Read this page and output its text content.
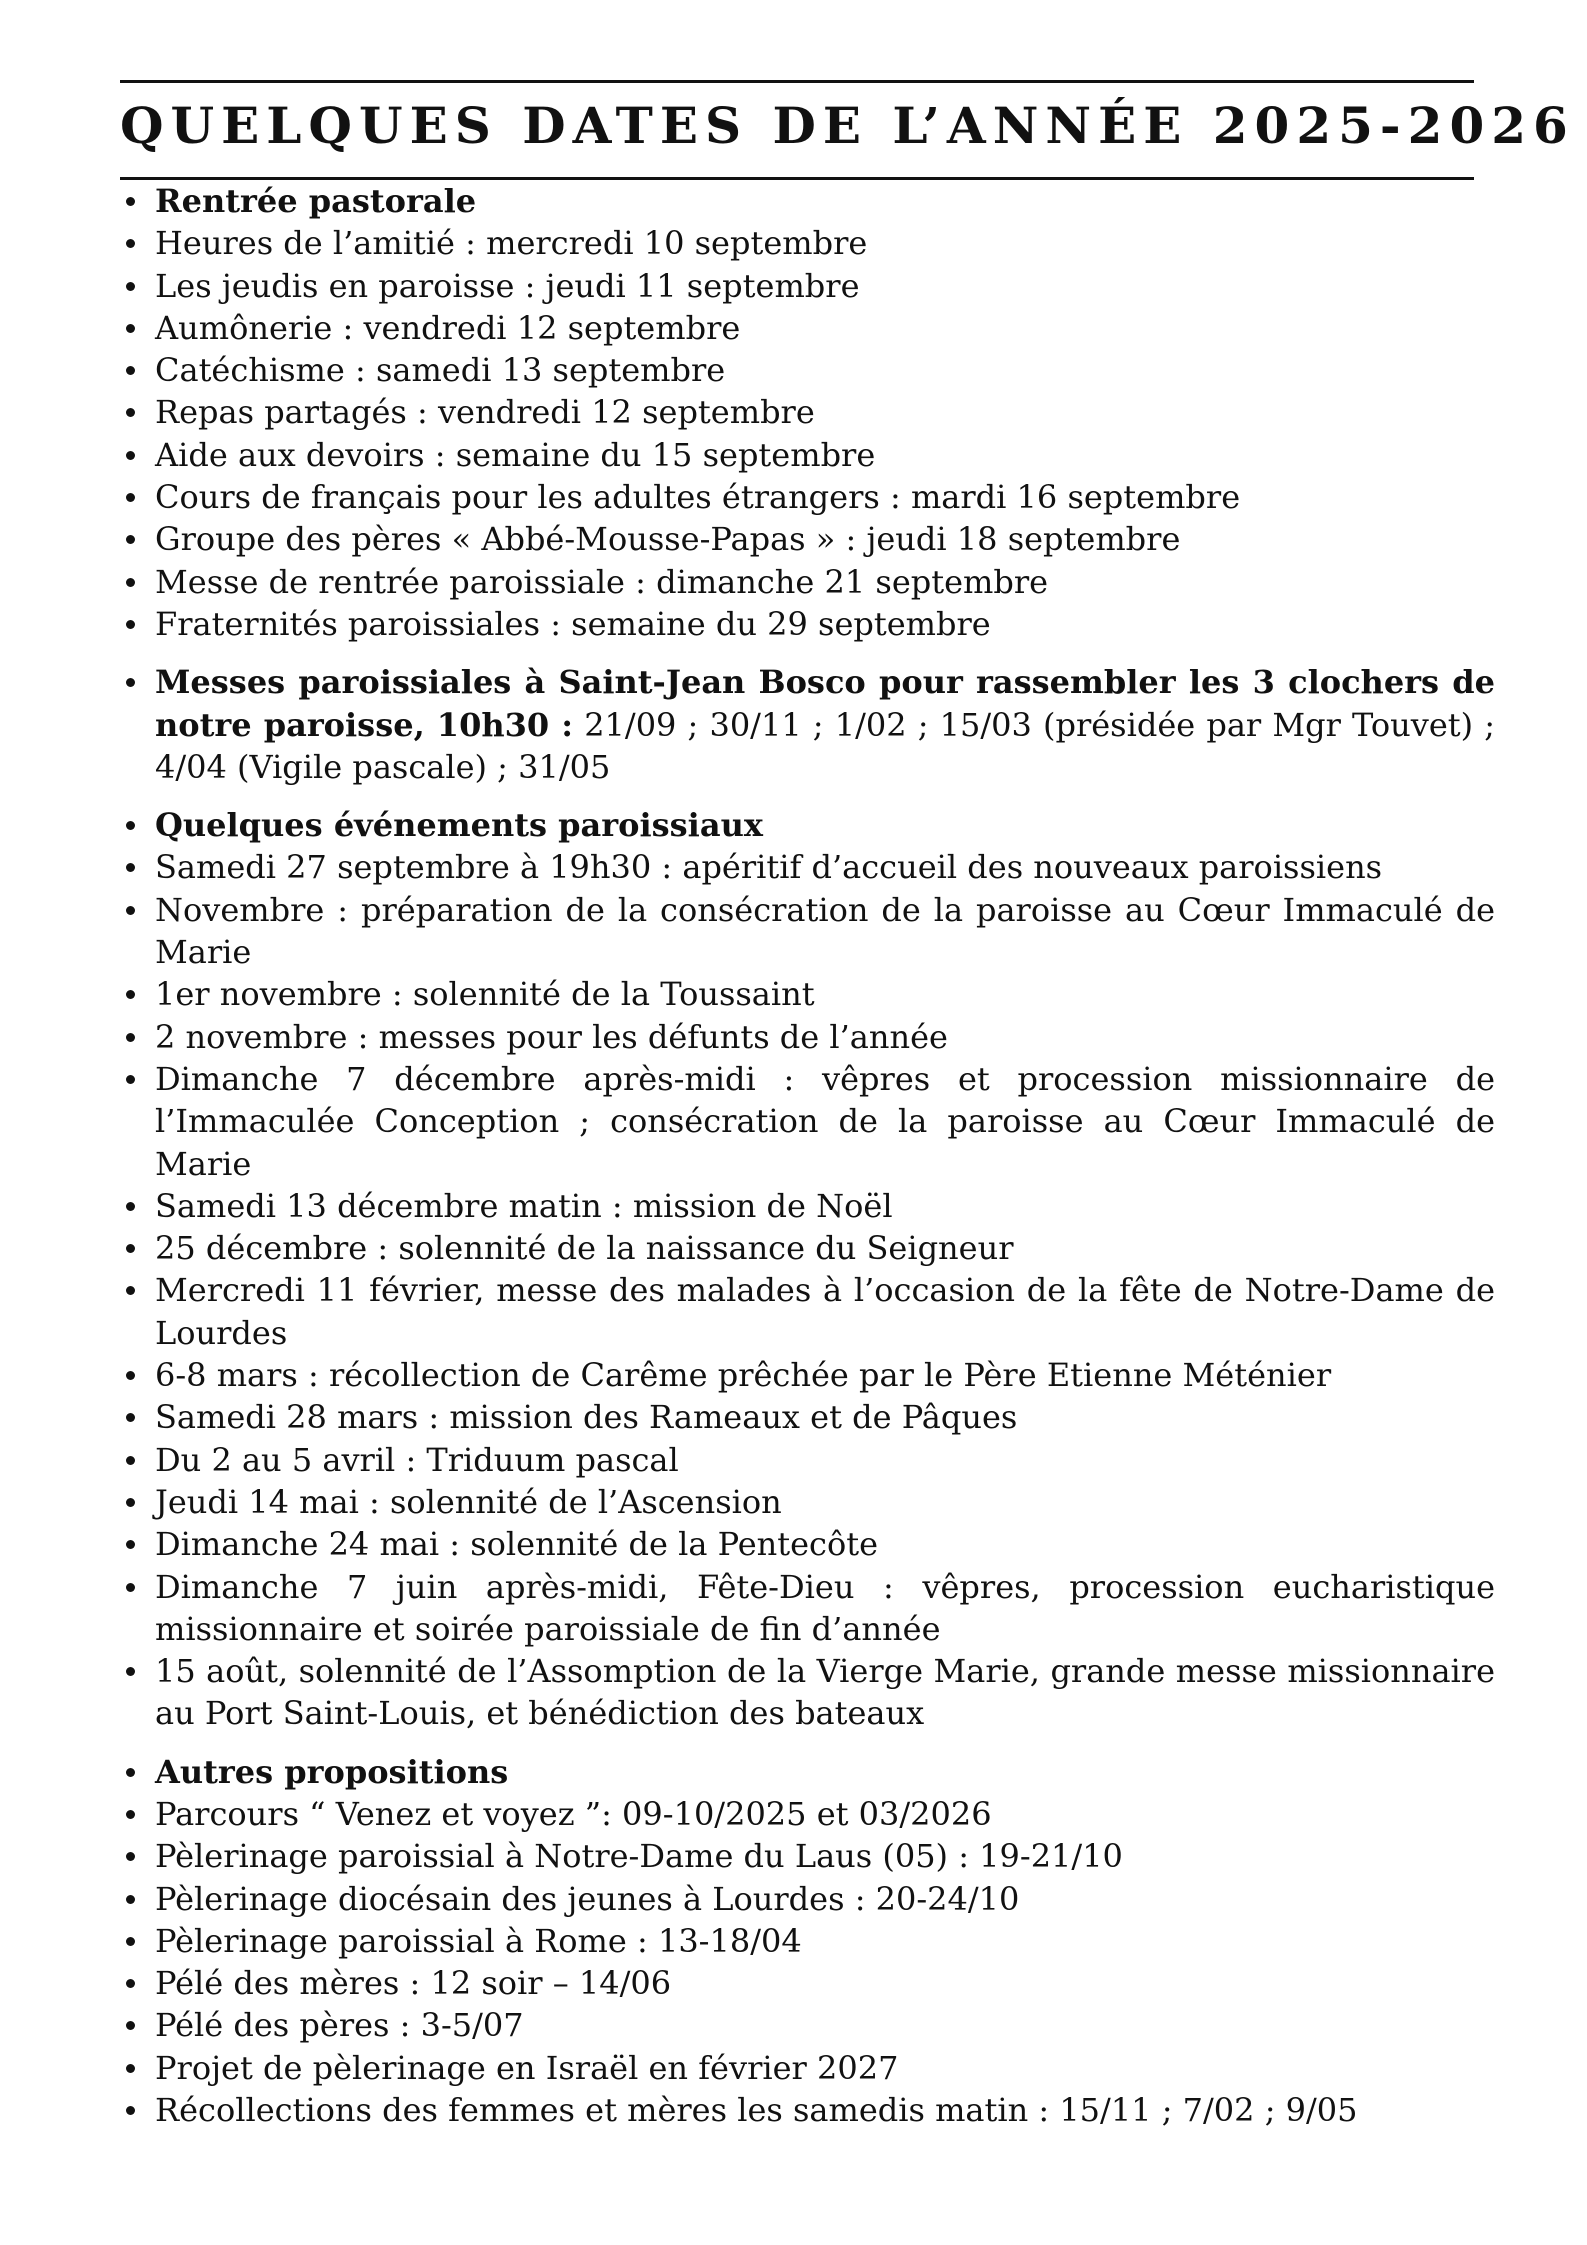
QUELQUES DATES DE L’ANNÉE 2025-2026
Rentrée pastorale
Heures de l’amitié : mercredi 10 septembre
Les jeudis en paroisse : jeudi 11 septembre
Aumônerie : vendredi 12 septembre
Catéchisme : samedi 13 septembre
Repas partagés : vendredi 12 septembre
Aide aux devoirs : semaine du 15 septembre
Cours de français pour les adultes étrangers : mardi 16 septembre
Groupe des pères « Abbé-Mousse-Papas » : jeudi 18 septembre
Messe de rentrée paroissiale : dimanche 21 septembre
Fraternités paroissiales : semaine du 29 septembre
Messes paroissiales à Saint-Jean Bosco pour rassembler les 3 clochers de notre paroisse, 10h30 : 21/09 ; 30/11 ; 1/02 ; 15/03 (présidée par Mgr Touvet) ; 4/04 (Vigile pascale) ; 31/05
Quelques événements paroissiaux
Samedi 27 septembre à 19h30 : apéritif d’accueil des nouveaux paroissiens
Novembre : préparation de la consécration de la paroisse au Cœur Immaculé de Marie
1er novembre : solennité de la Toussaint
2 novembre : messes pour les défunts de l’année
Dimanche 7 décembre après-midi : vêpres et procession missionnaire de l’Immaculée Conception ; consécration de la paroisse au Cœur Immaculé de Marie
Samedi 13 décembre matin : mission de Noël
25 décembre : solennité de la naissance du Seigneur
Mercredi 11 février, messe des malades à l’occasion de la fête de Notre-Dame de Lourdes
6-8 mars : récollection de Carême prêchée par le Père Etienne Méténier
Samedi 28 mars : mission des Rameaux et de Pâques
Du 2 au 5 avril : Triduum pascal
Jeudi 14 mai : solennité de l’Ascension
Dimanche 24 mai : solennité de la Pentecôte
Dimanche 7 juin après-midi, Fête-Dieu : vêpres, procession eucharistique missionnaire et soirée paroissiale de fin d’année
15 août, solennité de l’Assomption de la Vierge Marie, grande messe missionnaire au Port Saint-Louis, et bénédiction des bateaux
Autres propositions
Parcours “ Venez et voyez ”: 09-10/2025 et 03/2026
Pèlerinage paroissial à Notre-Dame du Laus (05) : 19-21/10
Pèlerinage diocésain des jeunes à Lourdes : 20-24/10
Pèlerinage paroissial à Rome : 13-18/04
Pélé des mères : 12 soir – 14/06
Pélé des pères : 3-5/07
Projet de pèlerinage en Israël en février 2027
Récollections des femmes et mères les samedis matin : 15/11 ; 7/02 ; 9/05
